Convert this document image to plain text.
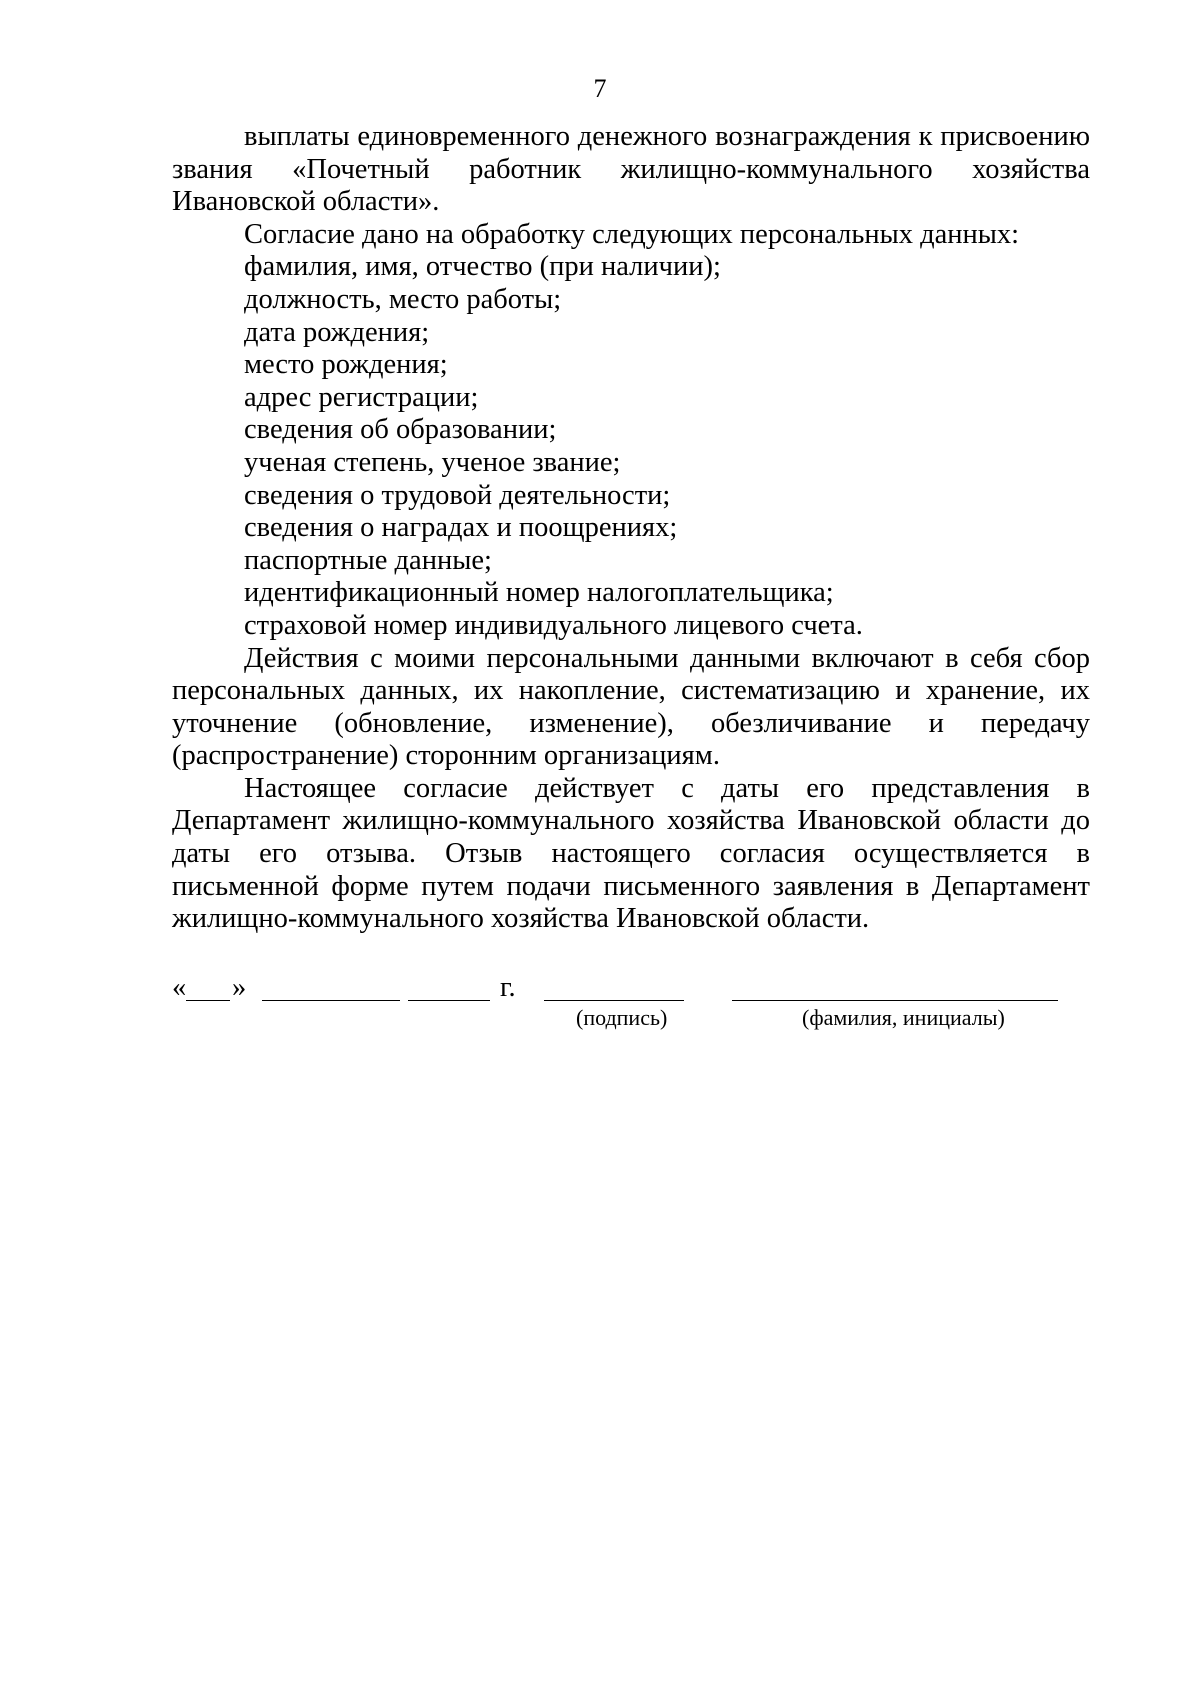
7

выплаты единовременного денежного вознаграждения к присвоению звания «Почетный работник жилищно-коммунального хозяйства Ивановской области».

Согласие дано на обработку следующих персональных данных:

фамилия, имя, отчество (при наличии);

должность, место работы;

дата рождения;

место рождения;

адрес регистрации;

сведения об образовании;

ученая степень, ученое звание;

сведения о трудовой деятельности;

сведения о наградах и поощрениях;

паспортные данные;

идентификационный номер налогоплательщика;

страховой номер индивидуального лицевого счета.

Действия с моими персональными данными включают в себя сбор персональных данных, их накопление, систематизацию и хранение, их уточнение (обновление, изменение), обезличивание и передачу (распространение) сторонним организациям.

Настоящее согласие действует с даты его представления в Департамент жилищно-коммунального хозяйства Ивановской области до даты его отзыва. Отзыв настоящего согласия осуществляется в письменной форме путем подачи письменного заявления в Департамент жилищно-коммунального хозяйства Ивановской области.

« »	г.
(подпись)	(фамилия, инициалы)
